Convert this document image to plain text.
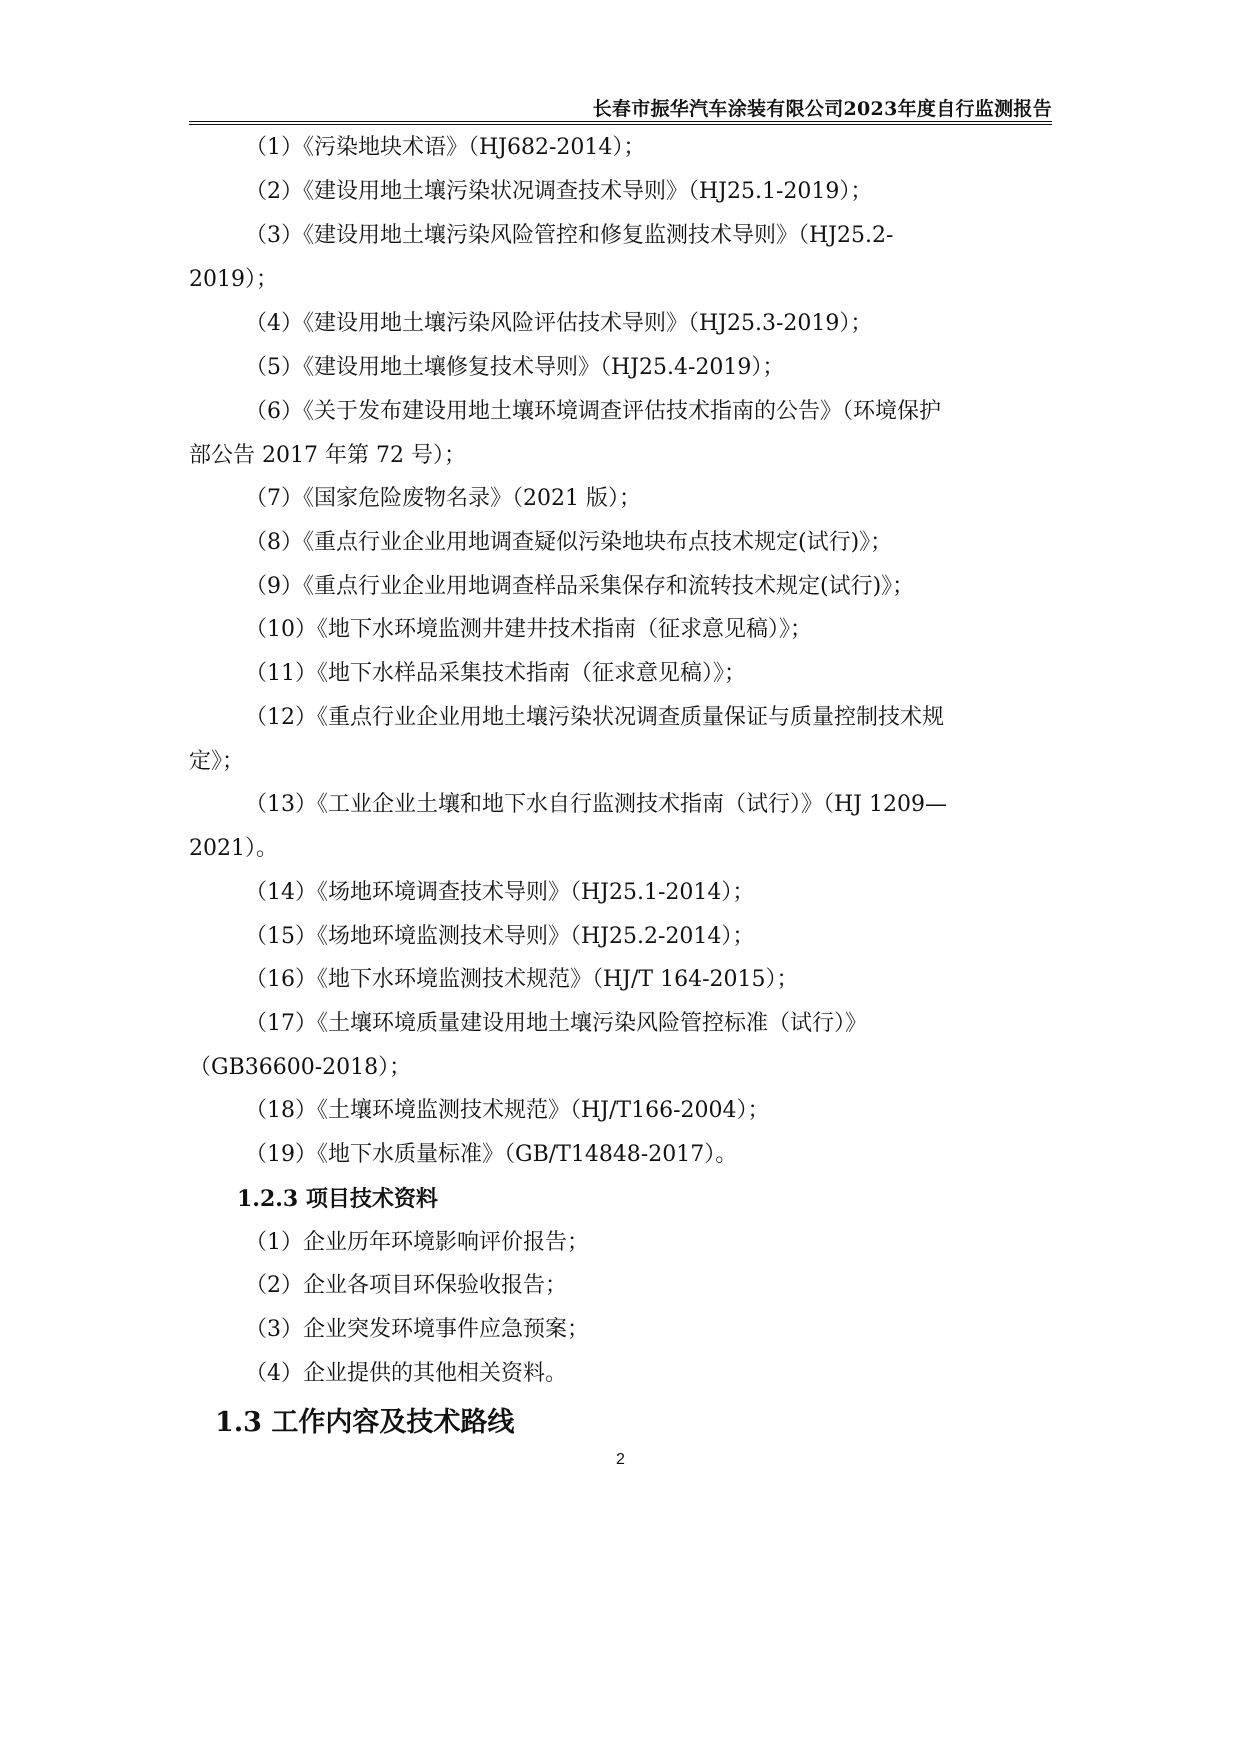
长春市振华汽车涂装有限公司2023年度自行监测报告
（1）《污染地块术语》（HJ682-2014）；
（2）《建设用地土壤污染状况调查技术导则》（HJ25.1-2019）；
（3）《建设用地土壤污染风险管控和修复监测技术导则》（HJ25.2-
2019）；
（4）《建设用地土壤污染风险评估技术导则》（HJ25.3-2019）；
（5）《建设用地土壤修复技术导则》（HJ25.4-2019）；
（6）《关于发布建设用地土壤环境调查评估技术指南的公告》（环境保护
部公告 2017 年第 72 号）；
（7）《国家危险废物名录》（2021 版）；
（8）《重点行业企业用地调查疑似污染地块布点技术规定(试行)》；
（9）《重点行业企业用地调查样品采集保存和流转技术规定(试行)》；
（10）《地下水环境监测井建井技术指南（征求意见稿）》；
（11）《地下水样品采集技术指南（征求意见稿）》；
（12）《重点行业企业用地土壤污染状况调查质量保证与质量控制技术规
定》；
（13）《工业企业土壤和地下水自行监测技术指南（试行）》（HJ 1209—
2021）。
（14）《场地环境调查技术导则》（HJ25.1-2014）；
（15）《场地环境监测技术导则》（HJ25.2-2014）；
（16）《地下水环境监测技术规范》（HJ/T 164-2015）；
（17）《土壤环境质量建设用地土壤污染风险管控标准（试行）》
（GB36600-2018）；
（18）《土壤环境监测技术规范》（HJ/T166-2004）；
（19）《地下水质量标准》（GB/T14848-2017）。
1.2.3 项目技术资料
（1）企业历年环境影响评价报告；
（2）企业各项目环保验收报告；
（3）企业突发环境事件应急预案；
（4）企业提供的其他相关资料。
1.3 工作内容及技术路线
2
